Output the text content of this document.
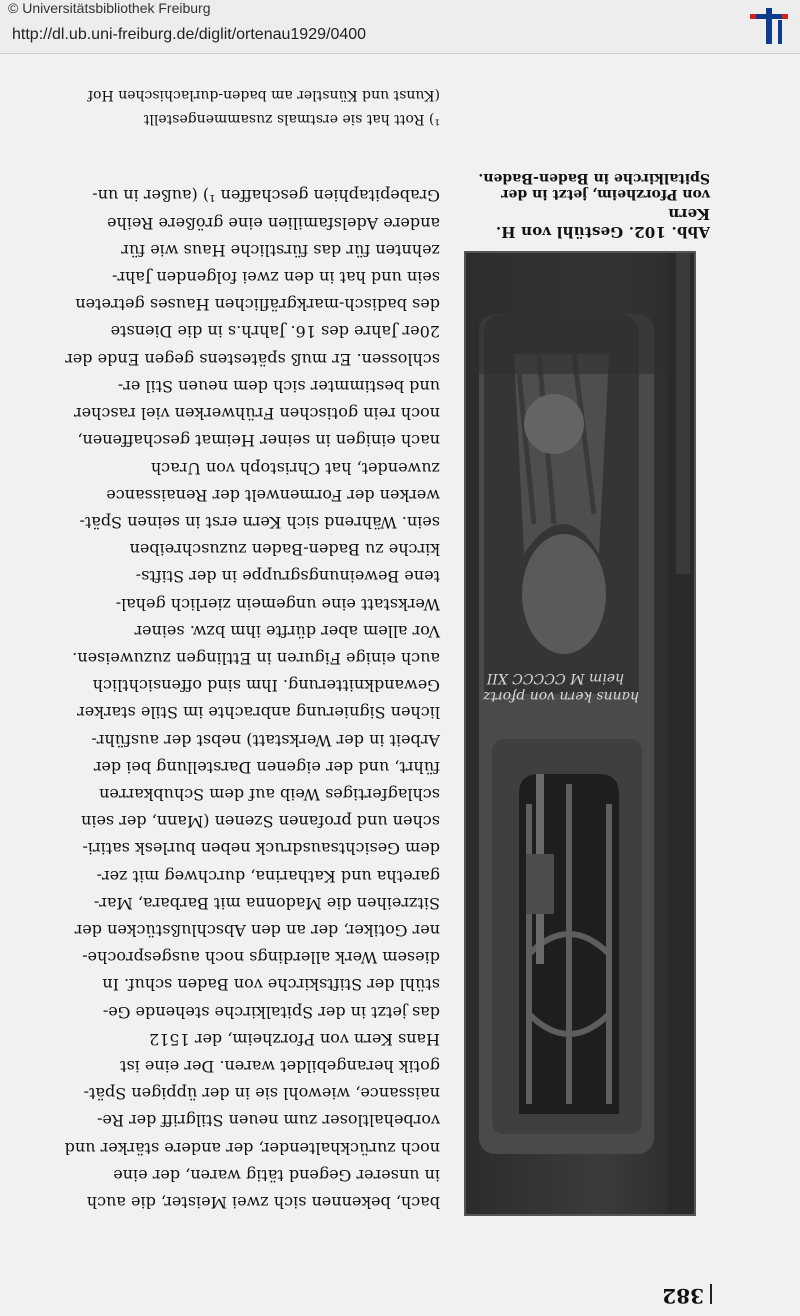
© Universitätsbibliothek Freiburg
http://dl.ub.uni-freiburg.de/diglit/ortenau1929/0400
382
hanns kern von pfortz
heim M CCCCC XII

Abb. 102. Gestühl von H. Kern

von Pforzheim, jetzt in der

Spitalkirche in Baden-Baden.

bach, bekennen sich zwei Meister, die auch

in unserer Gegend tätig waren, der eine

noch zurückhaltender, der andere stärker und

vorbehaltloser zum neuen Stilgriff der Re-

naissance, wiewohl sie in der üppigen Spät-

gotik herangebildet waren. Der eine ist

Hans Kern von Pforzheim, der 1512

das jetzt in der Spitalkirche stehende Ge-

stühl der Stiftskirche von Baden schuf. In

diesem Werk allerdings noch ausgesproche-

ner Gotiker, der an den Abschlußstücken der

Sitzreihen die Madonna mit Barbara, Mar-

garetha und Katharina, durchweg mit zer-

dem Gesichtsausdruck neben burlesk satiri-

schen und profanen Szenen (Mann, der sein

schlagfertiges Weib auf dem Schubkarren

führt, und der eigenen Darstellung bei der

Arbeit in der Werkstatt) nebst der ausführ-

lichen Signierung anbrachte im Stile starker

Gewandknitterung. Ihm sind offensichtlich

auch einige Figuren in Ettlingen zuzuweisen.

Vor allem aber dürfte ihm bzw. seiner

Werkstatt eine ungemein zierlich gehal-

tene Beweinungsgruppe in der Stifts-

kirche zu Baden-Baden zuzuschreiben

sein. Während sich Kern erst in seinen Spät-

werken der Formenwelt der Renaissance

zuwendet, hat Christoph von Urach

nach einigen in seiner Heimat geschaffenen,

noch rein gotischen Frühwerken viel rascher

und bestimmter sich dem neuen Stil er-

schlossen. Er muß spätestens gegen Ende der

20er Jahre des 16. Jahrh.s in die Dienste

des badisch-markgräflichen Hauses getreten

sein und hat in den zwei folgenden Jahr-

zehnten für das fürstliche Haus wie für

andere Adelsfamilien eine größere Reihe

Grabepitaphien geschaffen ¹) (außer in un-

¹) Rott hat sie erstmals zusammengestellt

(Kunst und Künstler am baden-durlachischen Hof
